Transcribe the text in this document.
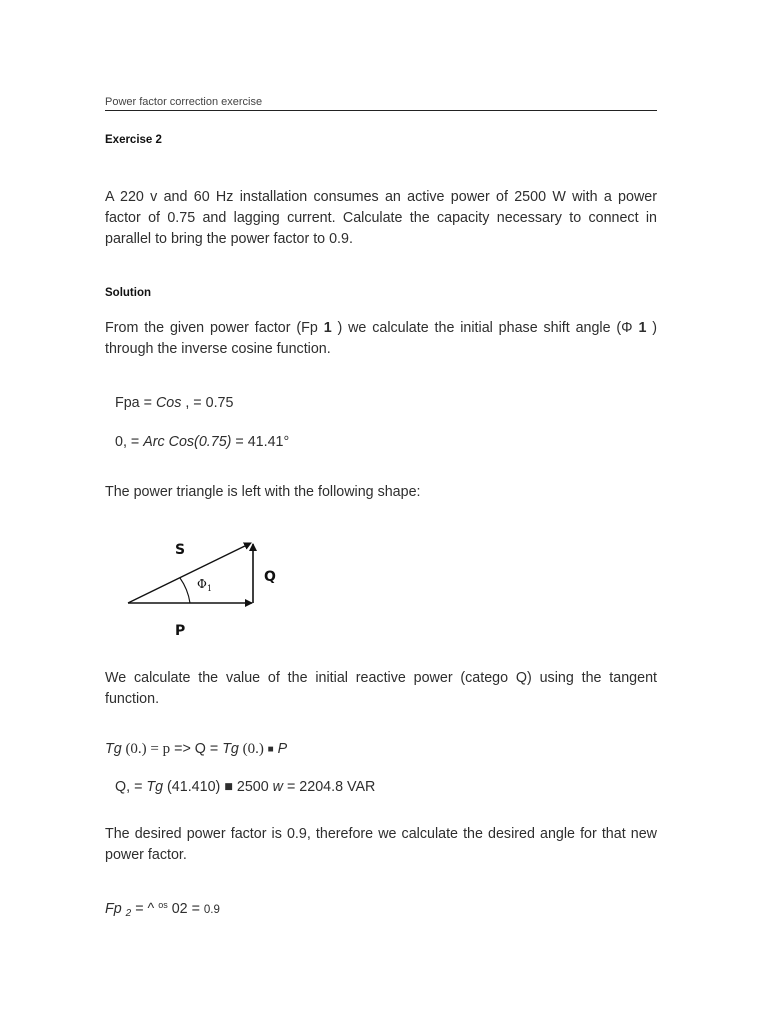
Power factor correction exercise
Exercise 2
A 220 v and 60 Hz installation consumes an active power of 2500 W with a power factor of 0.75 and lagging current. Calculate the capacity necessary to connect in parallel to bring the power factor to 0.9.
Solution
From the given power factor (Fp 1 ) we calculate the initial phase shift angle (Φ 1 ) through the inverse cosine function.
Fpa = Cos , = 0.75
0, = Arc Cos(0.75) = 41.41°
The power triangle is left with the following shape:
S
Q
P
Φ 1
We calculate the value of the initial reactive power (catego Q) using the tangent function.
Tg (0.) = p => Q = Tg (0.) ■ P
Q, = Tg (41.410) ■ 2500 w = 2204.8 VAR
The desired power factor is 0.9, therefore we calculate the desired angle for that new power factor.
Fp $_2$ = ^ $^{os}$ 02 = 0.9
